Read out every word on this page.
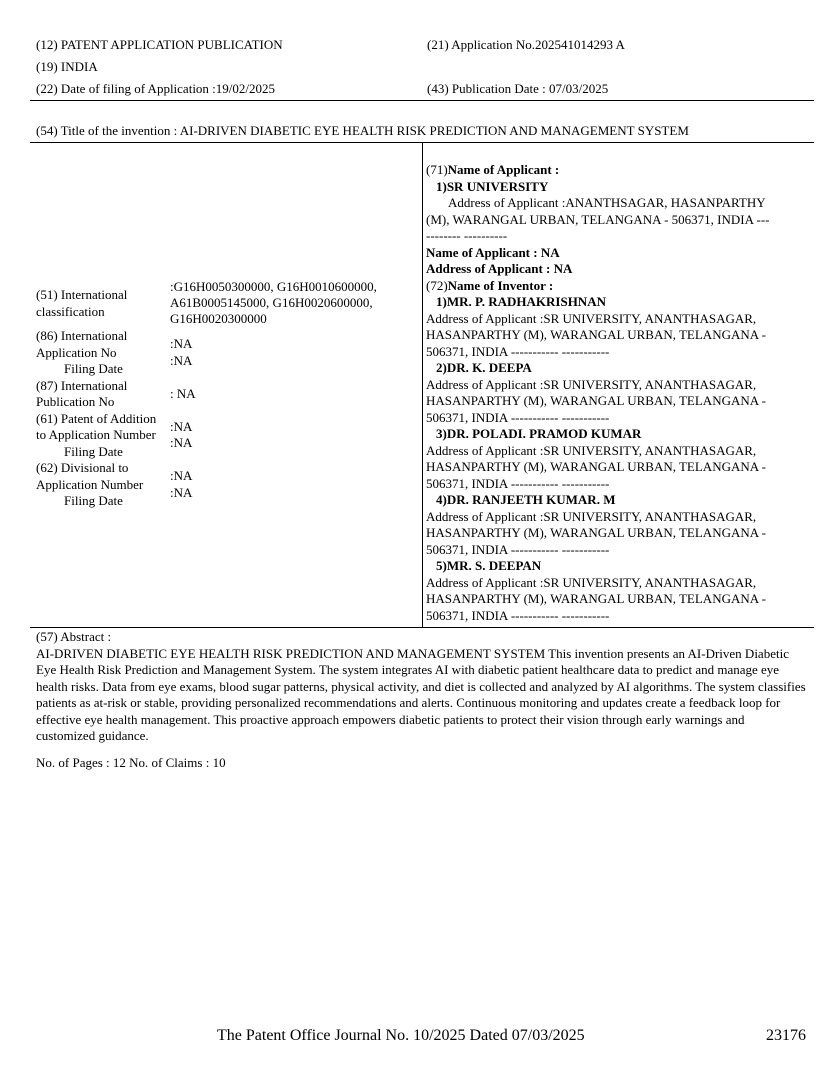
(12) PATENT APPLICATION PUBLICATION
(19) INDIA
(22) Date of filing of Application :19/02/2025
(21) Application No.202541014293 A
(43) Publication Date : 07/03/2025
(54) Title of the invention : AI-DRIVEN DIABETIC EYE HEALTH RISK PREDICTION AND MANAGEMENT SYSTEM
(51) International classification
:G16H0050300000, G16H0010600000,
A61B0005145000, G16H0020600000,
G16H0020300000
(86) International
Application No
Filing Date
:NA
:NA
(87) International
Publication No
: NA
(61) Patent of Addition
to Application Number
Filing Date
:NA
:NA
(62) Divisional to
Application Number
Filing Date
:NA
:NA
(71)Name of Applicant :
1)SR UNIVERSITY
Address of Applicant :ANANTHSAGAR, HASANPARTHY
(M), WARANGAL URBAN, TELANGANA - 506371, INDIA ---
-------- ----------
Name of Applicant : NA
Address of Applicant : NA
(72)Name of Inventor :
1)MR. P. RADHAKRISHNAN
Address of Applicant :SR UNIVERSITY, ANANTHASAGAR,
HASANPARTHY (M), WARANGAL URBAN, TELANGANA -
506371, INDIA ----------- -----------
2)DR. K. DEEPA
Address of Applicant :SR UNIVERSITY, ANANTHASAGAR,
HASANPARTHY (M), WARANGAL URBAN, TELANGANA -
506371, INDIA ----------- -----------
3)DR. POLADI. PRAMOD KUMAR
Address of Applicant :SR UNIVERSITY, ANANTHASAGAR,
HASANPARTHY (M), WARANGAL URBAN, TELANGANA -
506371, INDIA ----------- -----------
4)DR. RANJEETH KUMAR. M
Address of Applicant :SR UNIVERSITY, ANANTHASAGAR,
HASANPARTHY (M), WARANGAL URBAN, TELANGANA -
506371, INDIA ----------- -----------
5)MR. S. DEEPAN
Address of Applicant :SR UNIVERSITY, ANANTHASAGAR,
HASANPARTHY (M), WARANGAL URBAN, TELANGANA -
506371, INDIA ----------- -----------
(57) Abstract :
AI-DRIVEN DIABETIC EYE HEALTH RISK PREDICTION AND MANAGEMENT SYSTEM This invention presents an AI-Driven Diabetic Eye Health Risk Prediction and Management System. The system integrates AI with diabetic patient healthcare data to predict and manage eye health risks. Data from eye exams, blood sugar patterns, physical activity, and diet is collected and analyzed by AI algorithms. The system classifies patients as at-risk or stable, providing personalized recommendations and alerts. Continuous monitoring and updates create a feedback loop for effective eye health management. This proactive approach empowers diabetic patients to protect their vision through early warnings and customized guidance.
No. of Pages : 12 No. of Claims : 10
The Patent Office Journal No. 10/2025 Dated 07/03/2025	23176
